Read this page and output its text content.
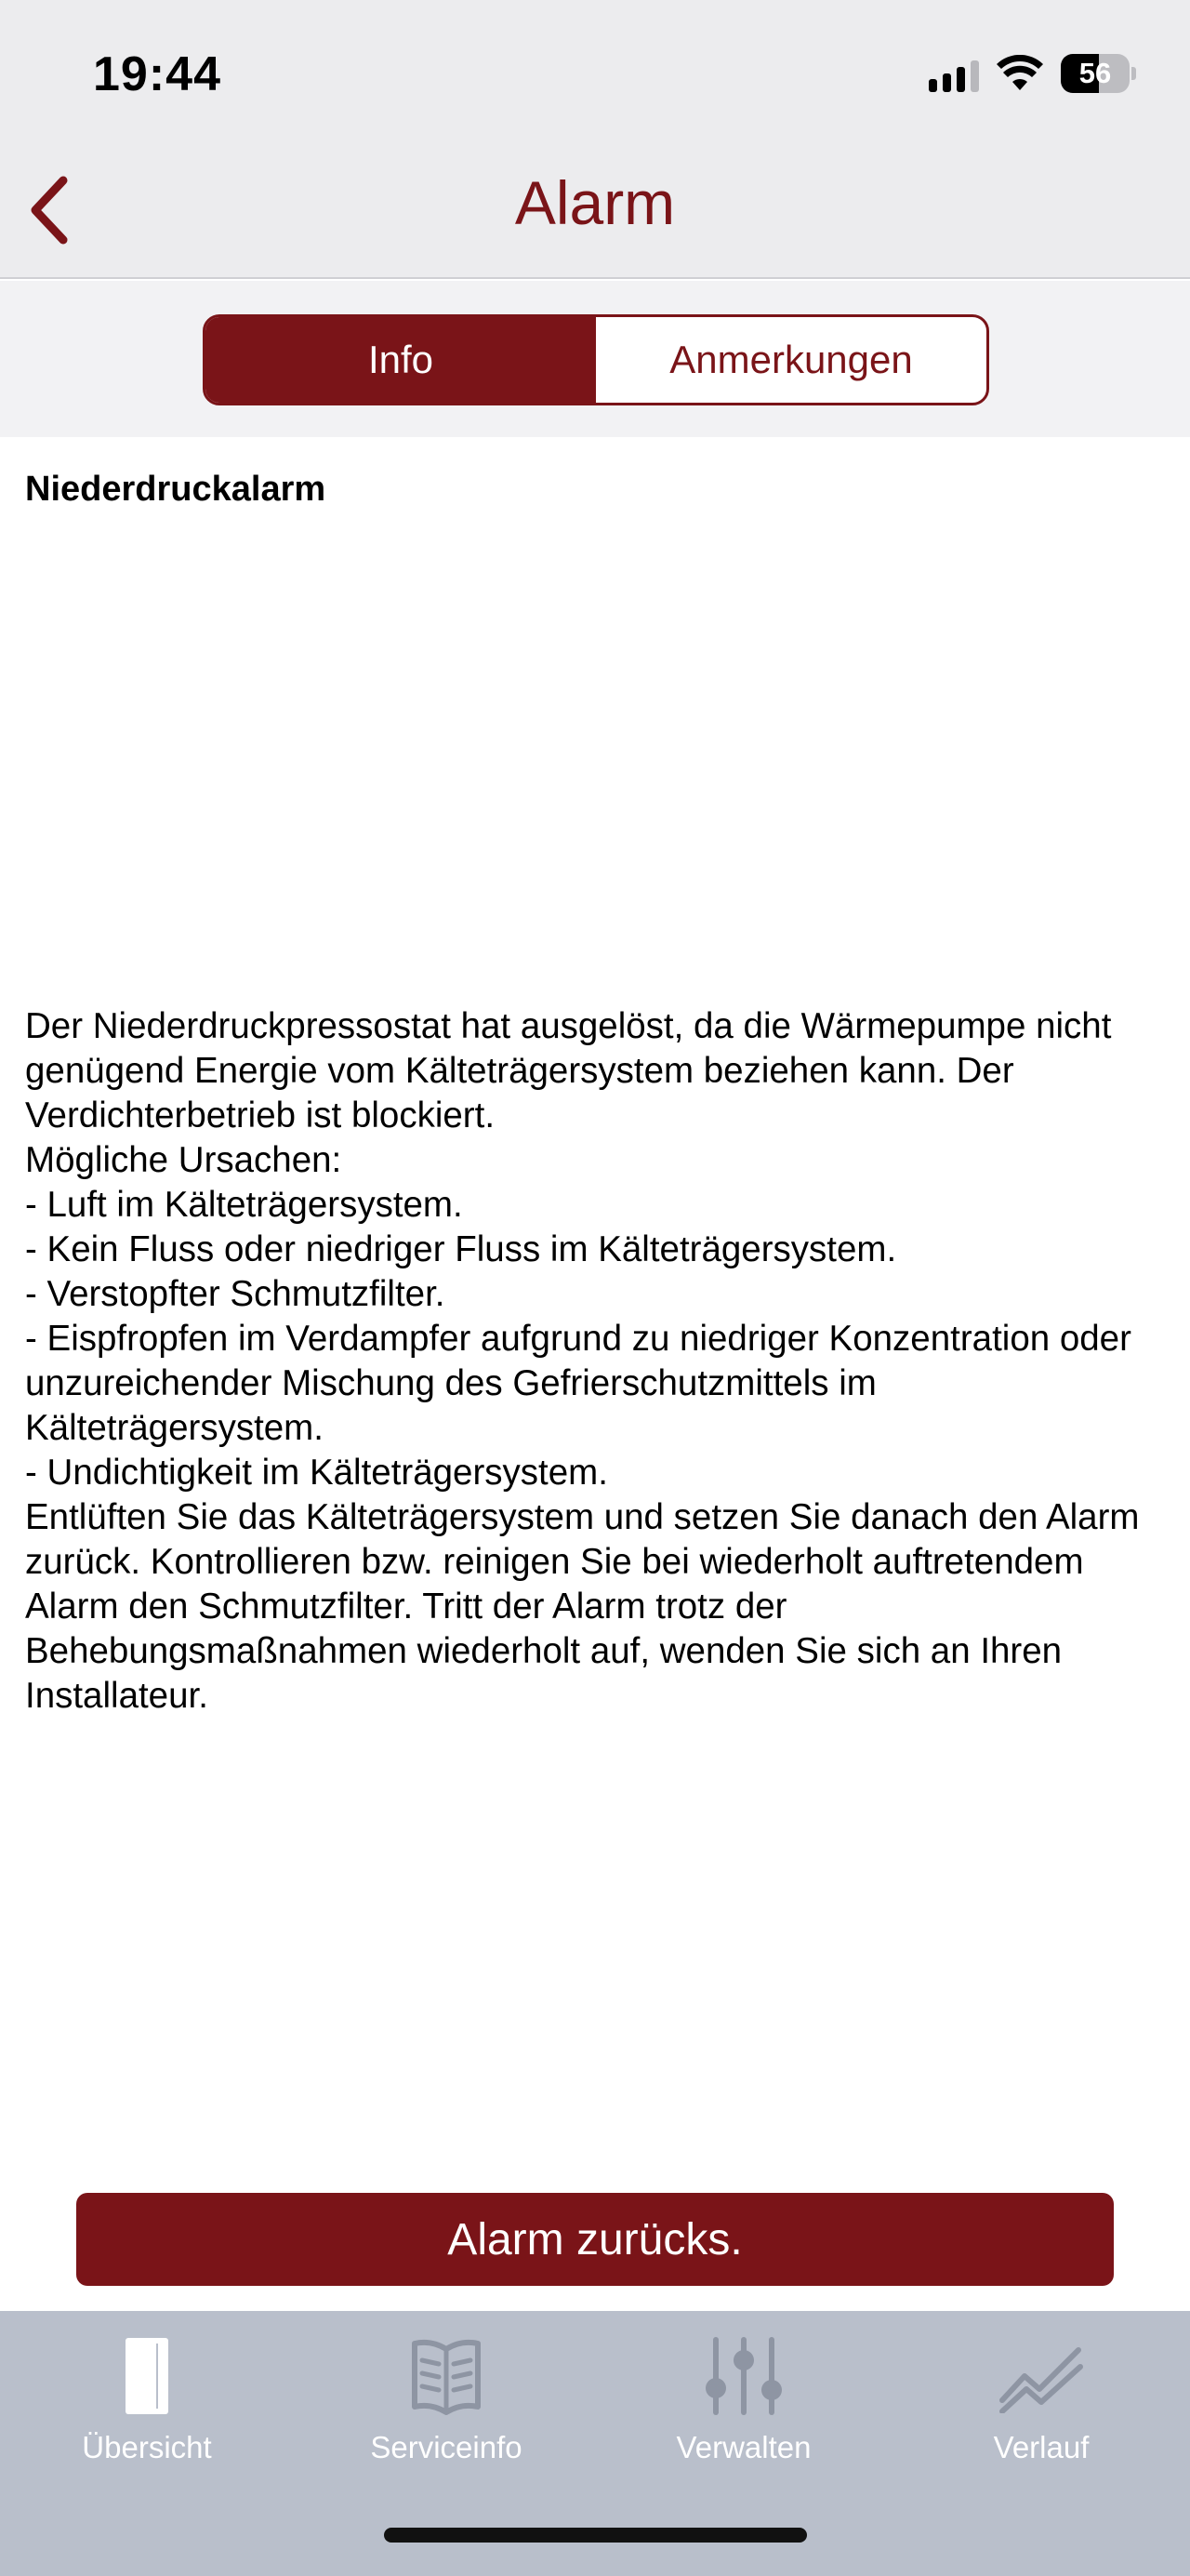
19:44	56
Alarm
Info	Anmerkungen
Niederdruckalarm
Der Niederdruckpressostat hat ausgelöst, da die Wärmepumpe nicht genügend Energie vom Kälteträgersystem beziehen kann. Der Verdichterbetrieb ist blockiert.
Mögliche Ursachen:
- Luft im Kälteträgersystem.
- Kein Fluss oder niedriger Fluss im Kälteträgersystem.
- Verstopfter Schmutzfilter.
- Eispfropfen im Verdampfer aufgrund zu niedriger Konzentration oder unzureichender Mischung des Gefrierschutzmittels im Kälteträgersystem.
- Undichtigkeit im Kälteträgersystem.
Entlüften Sie das Kälteträgersystem und setzen Sie danach den Alarm zurück. Kontrollieren bzw. reinigen Sie bei wiederholt auftretendem Alarm den Schmutzfilter. Tritt der Alarm trotz der Behebungsmaßnahmen wiederholt auf, wenden Sie sich an Ihren Installateur.
Alarm zurücks.
Übersicht	Serviceinfo	Verwalten	Verlauf
